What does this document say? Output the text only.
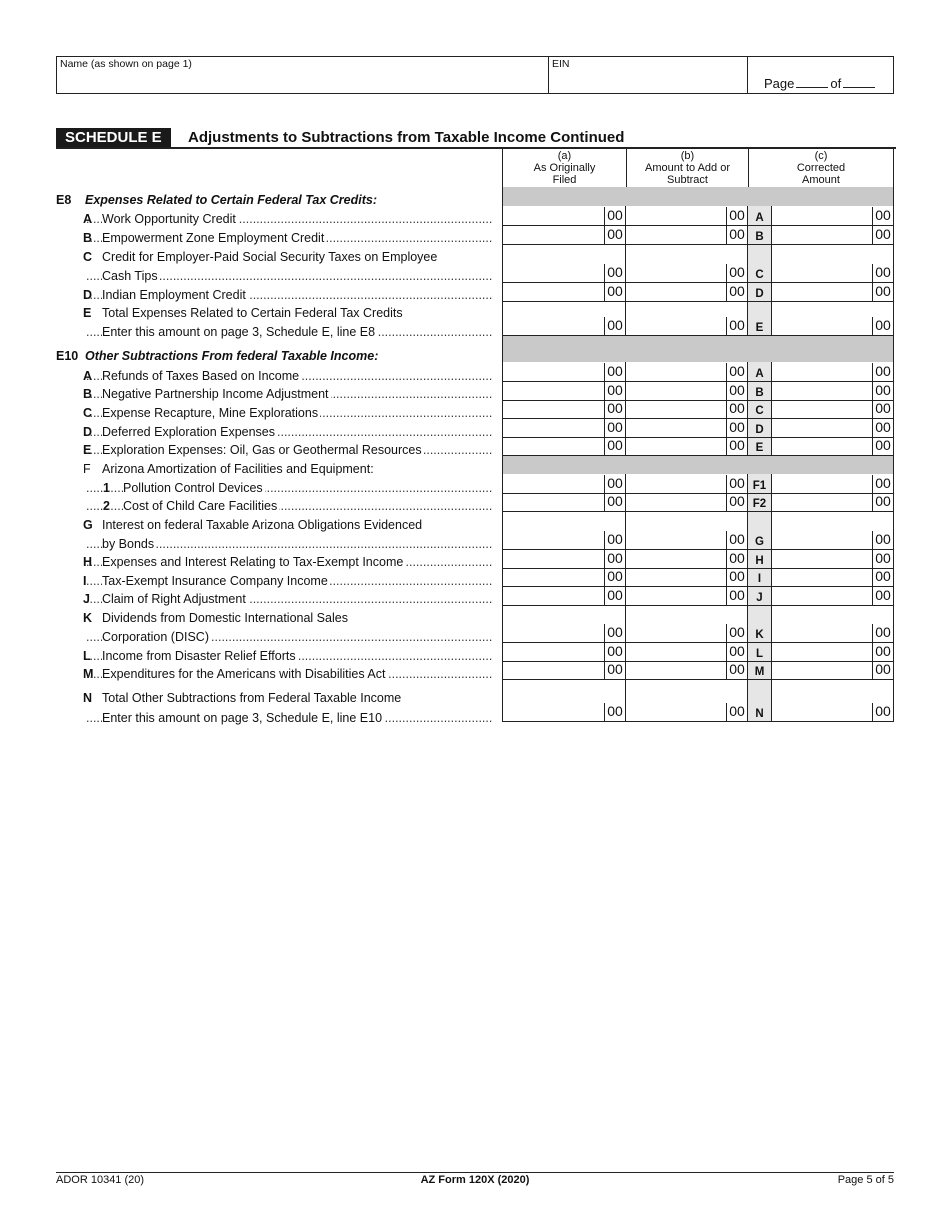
Name (as shown on page 1)	EIN
Page	of
SCHEDULE E	Adjustments to Subtractions from Taxable Income Continued
(a)
As Originally
Filed
(b)
Amount to Add or
Subtract
(c)
Corrected
Amount
E8 Expenses Related to Certain Federal Tax Credits:
A Work Opportunity Credit .....	00	00 A	00
B Empowerment Zone Employment Credit .....	00	00 B	00
C Credit for Employer-Paid Social Security Taxes on Employee
Cash Tips .....	00	00 C	00
D Indian Employment Credit .....	00	00 D	00
E Total Expenses Related to Certain Federal Tax Credits
Enter this amount on page 3, Schedule E, line E8 .....	00	00 E	00
E10 Other Subtractions From federal Taxable Income:
A Refunds of Taxes Based on Income .....	00	00 A	00
B Negative Partnership Income Adjustment .....	00	00 B	00
C Expense Recapture, Mine Explorations .....	00	00 C	00
D Deferred Exploration Expenses .....	00	00 D	00
E Exploration Expenses: Oil, Gas or Geothermal Resources .....	00	00 E	00
F Arizona Amortization of Facilities and Equipment:
1 Pollution Control Devices .....	00	00 F1	00
2 Cost of Child Care Facilities .....	00	00 F2	00
G Interest on federal Taxable Arizona Obligations Evidenced
by Bonds .....	00	00 G	00
H Expenses and Interest Relating to Tax-Exempt Income .....	00	00 H	00
I Tax-Exempt Insurance Company Income .....	00	00	I	00
J Claim of Right Adjustment .....	00	00	J	00
K Dividends from Domestic International Sales
Corporation (DISC) .....	00	00 K	00
L Income from Disaster Relief Efforts .....	00	00 L	00
M Expenditures for the Americans with Disabilities Act .....	00	00 M	00
N Total Other Subtractions from Federal Taxable Income
Enter this amount on page 3, Schedule E, line E10 .....	00	00 N	00
ADOR 10341 (20)	AZ Form 120X (2020)	Page 5 of 5
